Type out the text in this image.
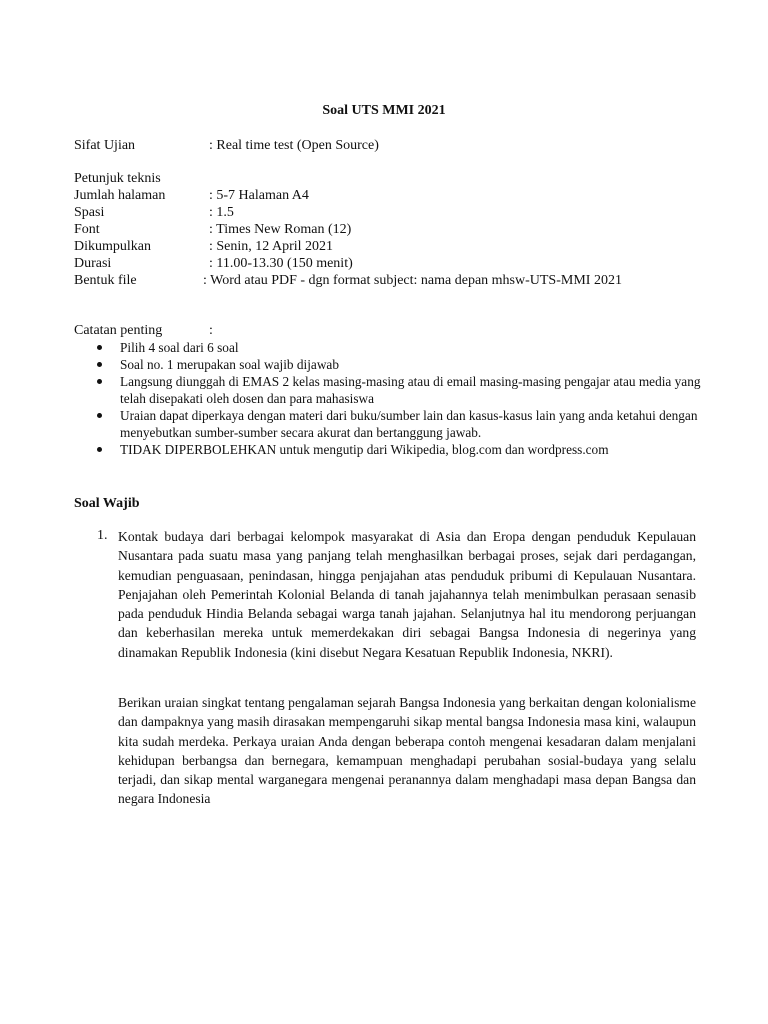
Soal UTS MMI 2021
Sifat Ujian	: Real time test (Open Source)
Petunjuk teknis
Jumlah halaman	: 5-7 Halaman A4
Spasi	: 1.5
Font	: Times New Roman (12)
Dikumpulkan	: Senin, 12 April 2021
Durasi	: 11.00-13.30 (150 menit)
Bentuk file	: Word atau PDF - dgn format subject: nama depan mhsw-UTS-MMI 2021
Catatan penting	:
Pilih 4 soal dari 6 soal
Soal no. 1 merupakan soal wajib dijawab
Langsung diunggah di EMAS 2 kelas masing-masing atau di email masing-masing pengajar atau media yang telah disepakati oleh dosen dan para mahasiswa
Uraian dapat diperkaya dengan materi dari buku/sumber lain dan kasus-kasus lain yang anda ketahui dengan menyebutkan sumber-sumber secara akurat dan bertanggung jawab.
TIDAK DIPERBOLEHKAN untuk mengutip dari Wikipedia, blog.com dan wordpress.com
Soal Wajib
1. Kontak budaya dari berbagai kelompok masyarakat di Asia dan Eropa dengan penduduk Kepulauan Nusantara pada suatu masa yang panjang telah menghasilkan berbagai proses, sejak dari perdagangan, kemudian penguasaan, penindasan, hingga penjajahan atas penduduk pribumi di Kepulauan Nusantara. Penjajahan oleh Pemerintah Kolonial Belanda di tanah jajahannya telah menimbulkan perasaan senasib pada penduduk Hindia Belanda sebagai warga tanah jajahan. Selanjutnya hal itu mendorong perjuangan dan keberhasilan mereka untuk memerdekakan diri sebagai Bangsa Indonesia di negerinya yang dinamakan Republik Indonesia (kini disebut Negara Kesatuan Republik Indonesia, NKRI).
Berikan uraian singkat tentang pengalaman sejarah Bangsa Indonesia yang berkaitan dengan kolonialisme dan dampaknya yang masih dirasakan mempengaruhi sikap mental bangsa Indonesia masa kini, walaupun kita sudah merdeka. Perkaya uraian Anda dengan beberapa contoh mengenai kesadaran dalam menjalani kehidupan berbangsa dan bernegara, kemampuan menghadapi perubahan sosial-budaya yang selalu terjadi, dan sikap mental warganegara mengenai peranannya dalam menghadapi masa depan Bangsa dan negara Indonesia
